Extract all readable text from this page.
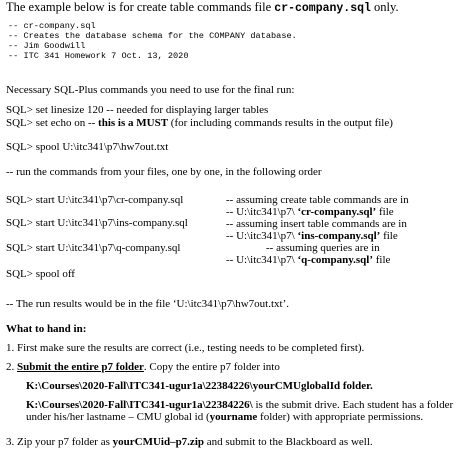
The example below is for create table commands file cr-company.sql only.
-- cr-company.sql
-- Creates the database schema for the COMPANY database.
-- Jim Goodwill
-- ITC 341 Homework 7 Oct. 13, 2020
Necessary SQL-Plus commands you need to use for the final run:
SQL> set linesize 120 -- needed for displaying larger tables
SQL> set echo on -- this is a MUST (for including commands results in the output file)
SQL> spool U:\itc341\p7\hw7out.txt
-- run the commands from your files, one by one, in the following order
SQL> start U:\itc341\p7\cr-company.sql	-- assuming create table commands are in
-- U:\itc341\p7\ ‘cr-company.sql’ file
SQL> start U:\itc341\p7\ins-company.sql	-- assuming insert table commands are in
-- U:\itc341\p7\ ‘ins-company.sql’ file
SQL> start U:\itc341\p7\q-company.sql	-- assuming queries are in
-- U:\itc341\p7\ ‘q-company.sql’ file
SQL> spool off
-- The run results would be in the file ‘U:\itc341\p7\hw7out.txt’.
What to hand in:
1. First make sure the results are correct (i.e., testing needs to be completed first).
2. Submit the entire p7 folder. Copy the entire p7 folder into
K:\Courses\2020-Fall\ITC341-ugur1a\22384226\yourCMUglobalId folder.
K:\Courses\2020-Fall\ITC341-ugur1a\22384226\ is the submit drive. Each student has a folder
under his/her lastname – CMU global id (yourname folder) with appropriate permissions.
3. Zip your p7 folder as yourCMUid–p7.zip and submit to the Blackboard as well.
